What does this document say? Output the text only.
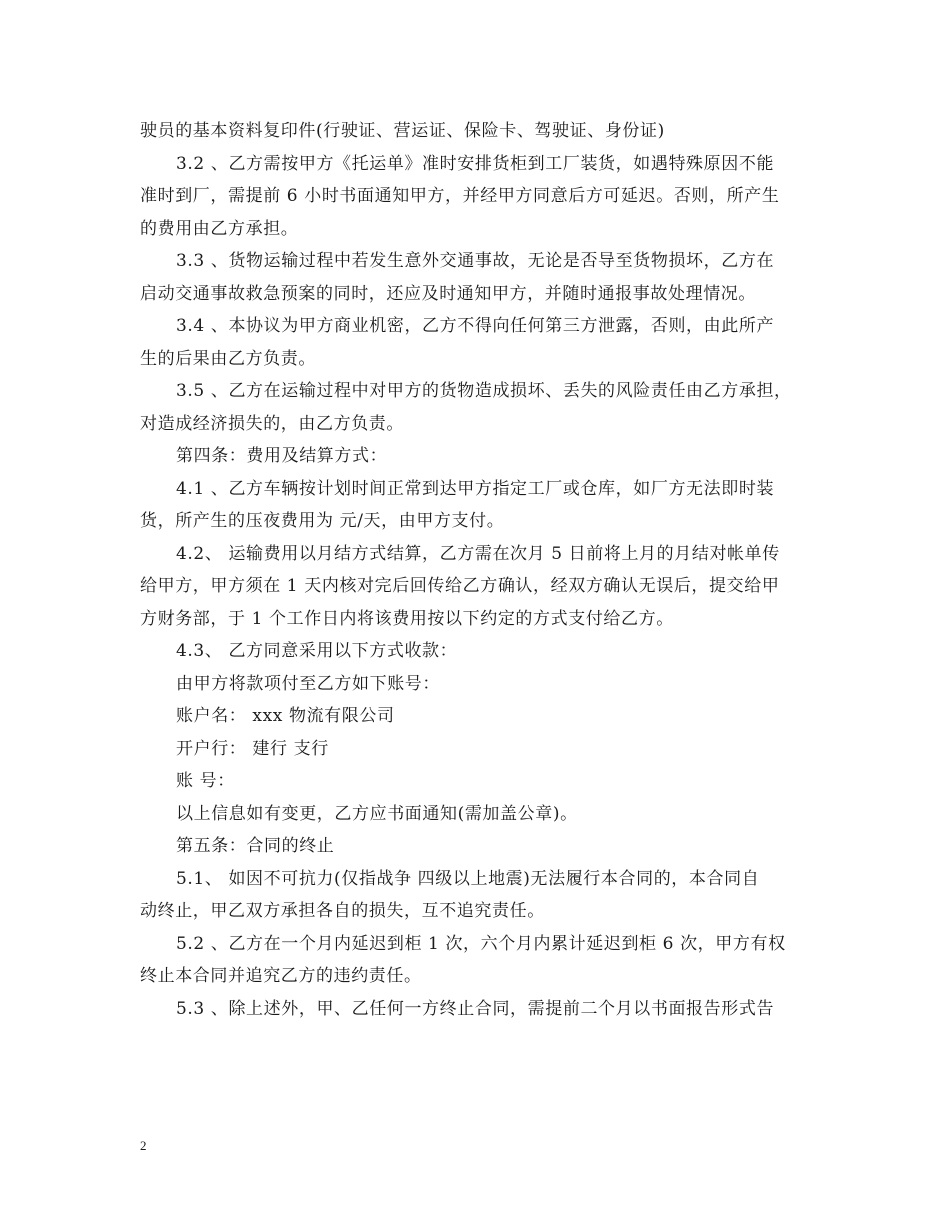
驶员的基本资料复印件(行驶证、营运证、保险卡、驾驶证、身份证)
3.2 、乙方需按甲方《托运单》准时安排货柜到工厂装货，如遇特殊原因不能
准时到厂，需提前 6 小时书面通知甲方，并经甲方同意后方可延迟。否则，所产生
的费用由乙方承担。
3.3 、货物运输过程中若发生意外交通事故，无论是否导至货物损坏，乙方在
启动交通事故救急预案的同时，还应及时通知甲方，并随时通报事故处理情况。
3.4 、本协议为甲方商业机密，乙方不得向任何第三方泄露，否则，由此所产
生的后果由乙方负责。
3.5 、乙方在运输过程中对甲方的货物造成损坏、丢失的风险责任由乙方承担，
对造成经济损失的，由乙方负责。
第四条：费用及结算方式：
4.1 、乙方车辆按计划时间正常到达甲方指定工厂或仓库，如厂方无法即时装
货，所产生的压夜费用为 元/天，由甲方支付。
4.2、 运输费用以月结方式结算，乙方需在次月 5 日前将上月的月结对帐单传
给甲方，甲方须在 1 天内核对完后回传给乙方确认，经双方确认无误后，提交给甲
方财务部，于 1 个工作日内将该费用按以下约定的方式支付给乙方。
4.3、 乙方同意采用以下方式收款：
由甲方将款项付至乙方如下账号：
账户名： xxx 物流有限公司
开户行： 建行 支行
账 号：
以上信息如有变更，乙方应书面通知(需加盖公章)。
第五条：合同的终止
5.1、 如因不可抗力(仅指战争 四级以上地震)无法履行本合同的，本合同自
动终止，甲乙双方承担各自的损失，互不追究责任。
5.2 、乙方在一个月内延迟到柜 1 次，六个月内累计延迟到柜 6 次，甲方有权
终止本合同并追究乙方的违约责任。
5.3 、除上述外，甲、乙任何一方终止合同，需提前二个月以书面报告形式告
2
